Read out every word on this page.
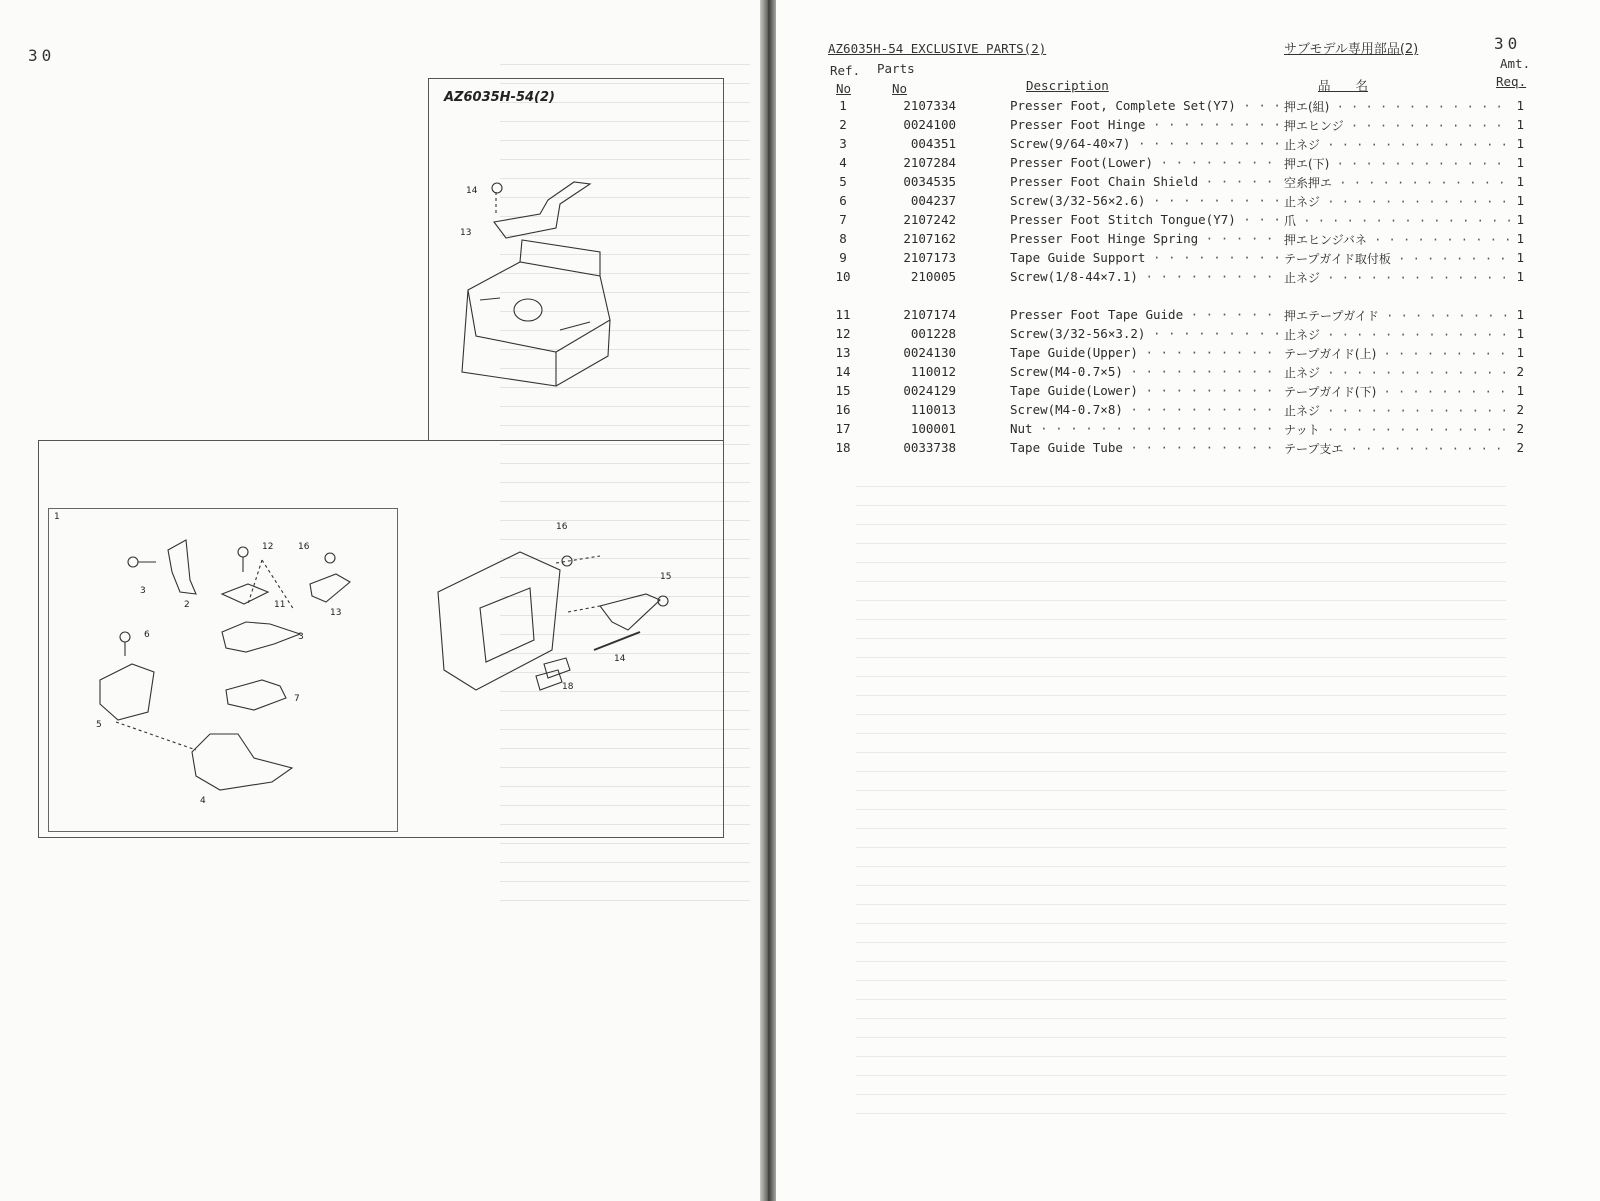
30
AZ6035H-54(2)
14
13
1
3
2
12	16
11
13
6	3
5
7
4
16
15
14
18
AZ6035H-54 EXCLUSIVE PARTS(2)	サブモデル専用部品(2)	30
Ref.
No
Parts
No	Description	品　　名
Amt.
Req.
1	2107334	Presser Foot, Complete Set(Y7) · · ·	押エ(組) · · ·	1
2	0024100	Presser Foot Hinge · · ·	押エヒンジ · · ·	1
3	004351	Screw(9/64-40×7) · · ·	止ネジ · · ·	1
4	2107284	Presser Foot(Lower) · · ·	押エ(下) · · ·	1
5	0034535	Presser Foot Chain Shield · · ·	空糸押エ · · ·	1
6	004237	Screw(3/32-56×2.6) · · ·	止ネジ · · ·	1
7	2107242	Presser Foot Stitch Tongue(Y7) · · ·	爪 · · ·	1
8	2107162	Presser Foot Hinge Spring · · ·	押エヒンジバネ · · ·	1
9	2107173	Tape Guide Support · · ·	テープガイド取付板 · · ·	1
10	210005	Screw(1/8-44×7.1) · · ·	止ネジ · · ·	1
11	2107174	Presser Foot Tape Guide · · ·	押エテープガイド · · ·	1
12	001228	Screw(3/32-56×3.2) · · ·	止ネジ · · ·	1
13	0024130	Tape Guide(Upper) · · ·	テープガイド(上) · · ·	1
14	110012	Screw(M4-0.7×5) · · ·	止ネジ · · ·	2
15	0024129	Tape Guide(Lower) · · ·	テープガイド(下) · · ·	1
16	110013	Screw(M4-0.7×8) · · ·	止ネジ · · ·	2
17	100001	Nut · · ·	ナット · · ·	2
18	0033738	Tape Guide Tube · · ·	テープ支エ · · ·	2
